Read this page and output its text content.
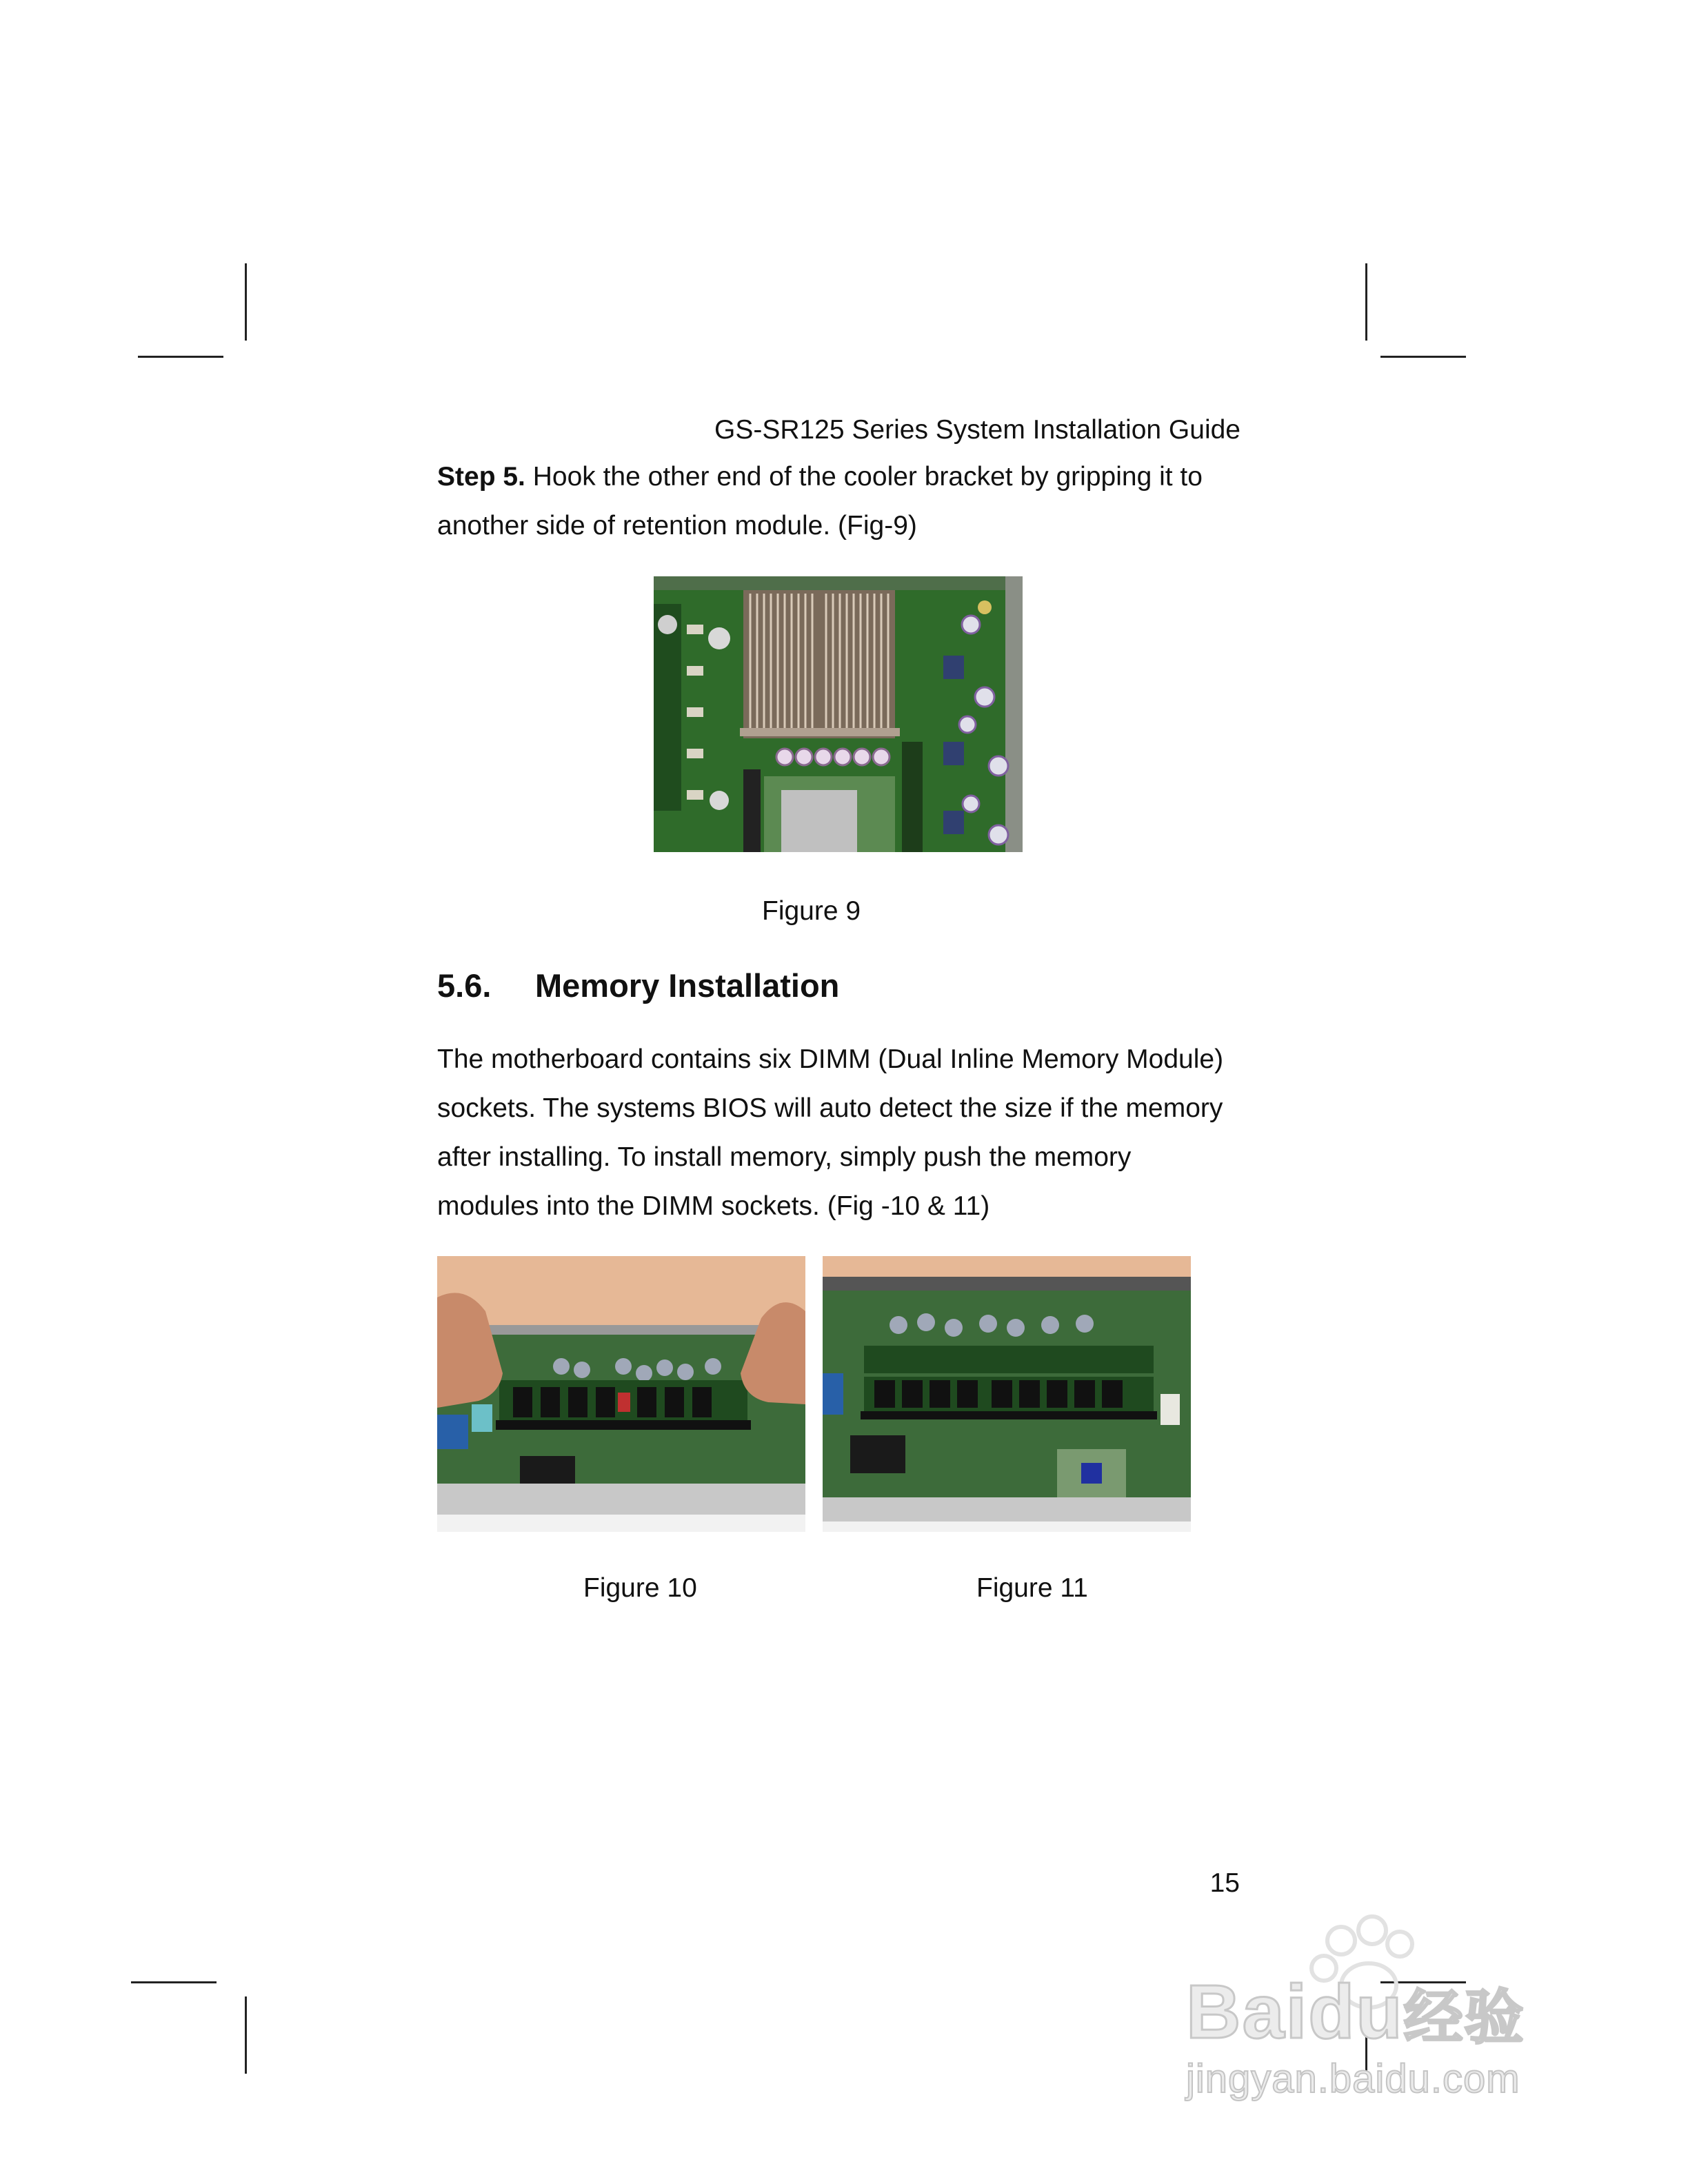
GS-SR125 Series System Installation Guide
Step 5. Hook the other end of the cooler bracket by gripping it to
another side of retention module. (Fig-9)
Figure 9
5.6. Memory Installation
The motherboard contains six DIMM (Dual Inline Memory Module)
sockets. The systems BIOS will auto detect the size if the memory
after installing. To install memory, simply push the memory
modules into the DIMM sockets. (Fig -10 & 11)
Figure 10	Figure 11
15
Baidu经验
jingyan.baidu.com
